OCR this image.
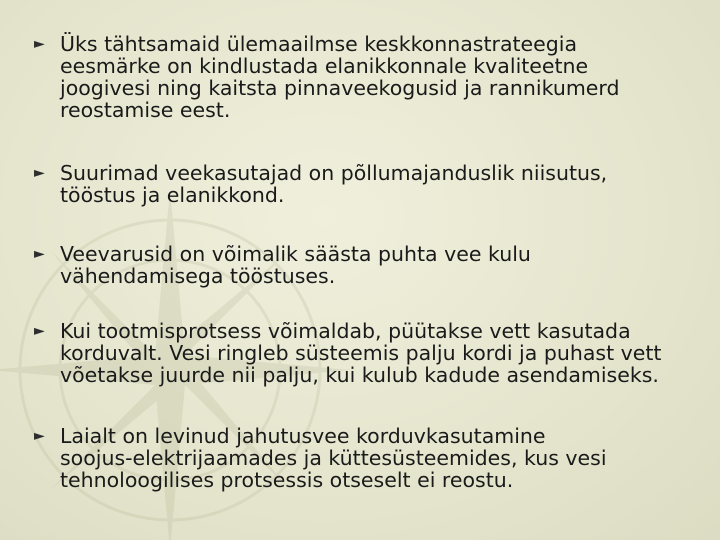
► Üks tähtsamaid ülemaailmse keskkonnastrateegia
eesmärke on kindlustada elanikkonnale kvaliteetne
joogivesi ning kaitsta pinnaveekogusid ja rannikumerd
reostamise eest.
► Suurimad veekasutajad on põllumajanduslik niisutus,
tööstus ja elanikkond.
► Veevarusid on võimalik säästa puhta vee kulu
vähendamisega tööstuses.
► Kui tootmisprotsess võimaldab, püütakse vett kasutada
korduvalt. Vesi ringleb süsteemis palju kordi ja puhast vett
võetakse juurde nii palju, kui kulub kadude asendamiseks.
► Laialt on levinud jahutusvee korduvkasutamine
soojus-elektrijaamades ja küttesüsteemides, kus vesi
tehnoloogilises protsessis otseselt ei reostu.
